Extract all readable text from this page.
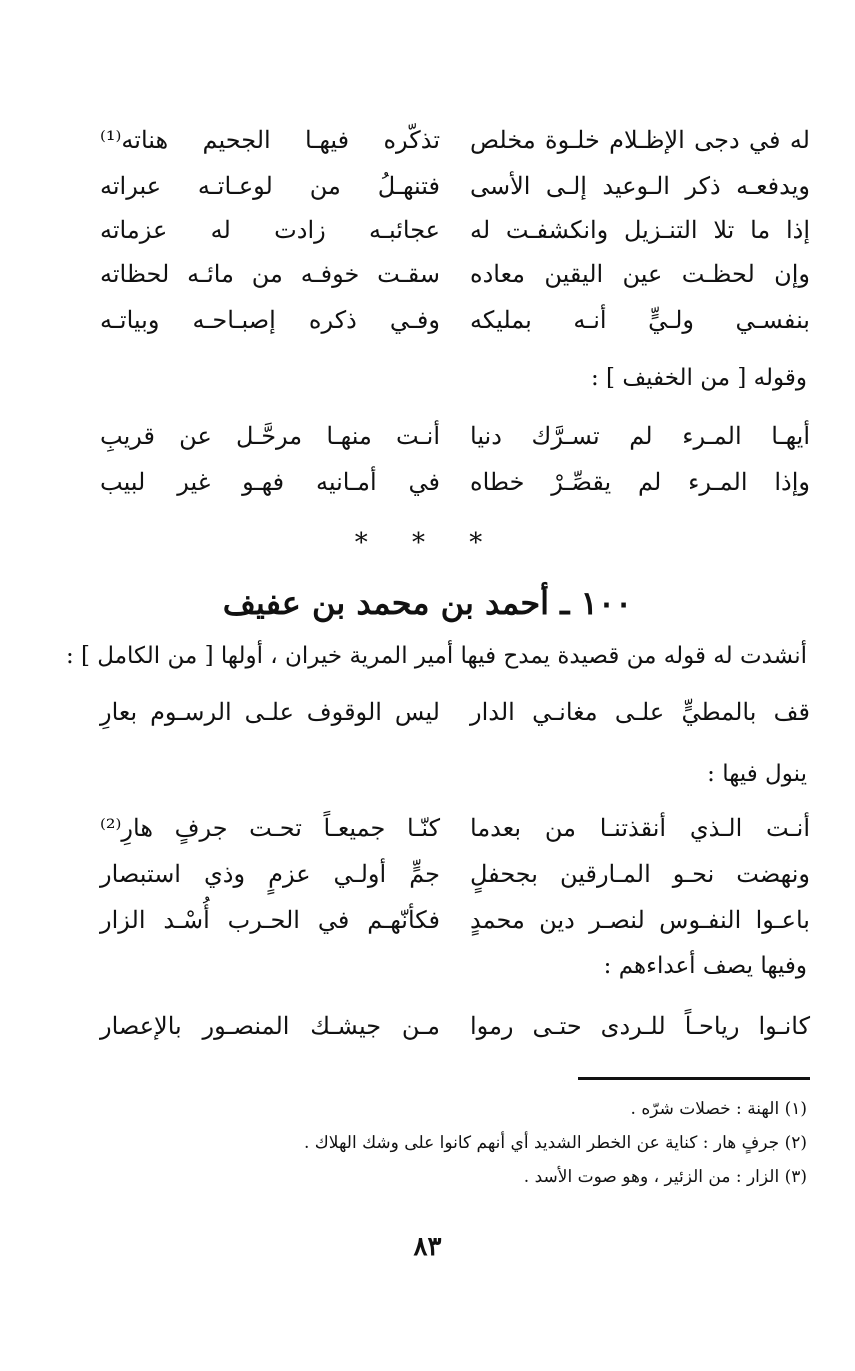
له في دجى الإظـلام خلـوة مخلص
تذكّره فيهـا الجحيم هناته⁽¹⁾
ويدفعـه ذكر الـوعيد إلـى الأسى
فتنهـلُ من لوعـاتـه عبراته
إذا ما تلا التنـزيل وانكشفـت له
عجائبـه زادت له عزماته
وإن لحظـت عين اليقين معاده
سقـت خوفـه من مائـه لحظاته
بنفسـي ولـيٍّ أنـه بمليكه
وفـي ذكره إصبـاحـه وبياتـه
وقوله [ من الخفيف ] :
أيهـا المـرء لم تسـرَّك دنيا
أنـت منهـا مرحَّـل عن قريبِ
وإذا المـرء لم يقصِّـرْ خطاه
في أمـانيه فهـو غير لبيب
* * *
١٠٠ ـ أحمد بن محمد بن عفيف
أنشدت له قوله من قصيدة يمدح فيها أمير المرية خيران ، أولها [ من الكامل ] :
قف بالمطيٍّ علـى مغانـي الدار
ليس الوقوف علـى الرسـوم بعارِ
ينول فيها :
أنـت الـذي أنقذتنـا من بعدما
كنّـا جميعـاً تحـت جرفٍ هارِ⁽²⁾
ونهضت نحـو المـارقين بجحفلٍ
جمٍّ أولـي عزمٍ وذي استبصار
باعـوا النفـوس لنصـر دين محمدٍ
فكأنّهـم في الحـرب أُسْـد الزار
وفيها يصف أعداءهم :
كانـوا رياحـاً للـردى حتـى رموا
مـن جيشـك المنصـور بالإعصار
(١) الهنة : خصلات شرّه .
(٢) جرفٍ هار : كناية عن الخطر الشديد أي أنهم كانوا على وشك الهلاك .
(٣) الزار : من الزئير ، وهو صوت الأسد .
٨٣
